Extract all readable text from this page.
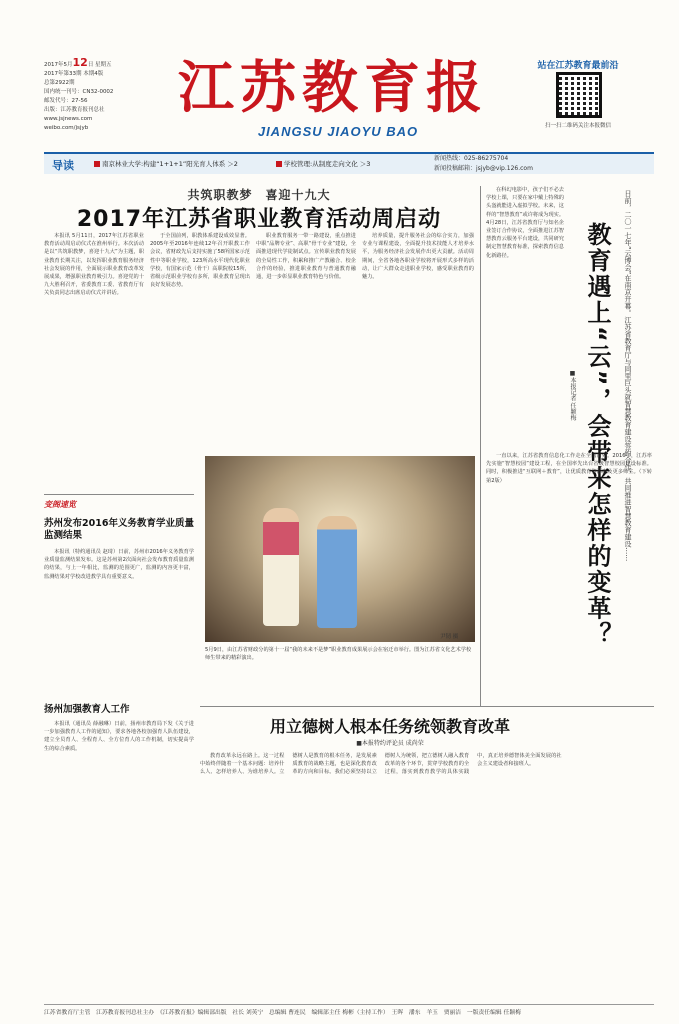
2017年5月12日 星期五
2017年第33期 本期4版
总第2922期
国内统一刊号：CN32-0002
邮发代号：27-56
出版：江苏教育报刊总社
www.jsjnews.com
weibo.com/jsjyb
江苏教育报
JIANGSU JIAOYU BAO
站在江苏教育最前沿
扫一扫二维码关注本报微信
导读	南京林业大学:构建“1+1+1”阳光育人体系 ＞2	学校管理:从制度走向文化 ＞3
新闻热线：025-86275704
新闻投稿邮箱：jsjyb@vip.126.com
共筑职教梦　喜迎十九大
2017年江苏省职业教育活动周启动

本报讯 5月11日，2017年江苏省职业教育活动周启动仪式在淮州举行。本次活动是以“共筑职教梦，喜迎十九大”为主题，职业教育长期关注，以发挥职业教育服务经济社会发展的作用，全面展示职业教育改革发展成果，增强职业教育吸引力。喜迎党的十九大胜利召开，省委教育工委、省教育厅有关负责同志出席启动仪式并讲话。

于全国前列，职教体系建设成效显著。2005年至2016年连续12年召开职教工作会议，省财政先后支持实施了58所国家示范性中等职业学校，123所高水平现代化职业学校，有国家示范（骨干）高职院校15所，省级示范职业学校有多所，职业教育呈现出良好发展态势。

职业教育服务一带一路建设，重点推进中职“品牌专业”、高职“骨干专业”建设，全面推进现代学徒制试点。宣传职业教育发展的全局性工作，积累和推广产教融合、校企合作的经验，推进职业教育与普通教育融通，进一步彰显职业教育特色与价值。

培养质量，提升服务社会的综合实力，加强专业与课程建设，全面提升技术技能人才培养水平，为服务经济社会发展作出更大贡献。活动周期间，全省各地各职业学校将开展形式多样的活动，让广大群众走进职业学校，感受职业教育的魅力。

尹韧 摄
5月9日，由江苏省财政分的第十一届“我的未来不是梦”职业教育成果展示会在宿迁市举行。图为江苏省文化艺术学校师生带来的精彩演出。
变阁速览
苏州发布2016年义务教育学业质量监测结果

本报讯（特约通讯员 赵琦）日前，苏州市2016年义务教育学业质量监测结果发布。这是苏州第2次面向社会发布教育质量监测的结果，与上一年相比，监测的范围更广，监测的内容更丰富，监测结果对学校改进教学具有重要意义。

扬州加强教育人工作

本报讯（通讯员 薛融琳）日前，扬州市教育局下发《关于进一步加强教育人工作的通知》，要求各地各校加强育人队伍建设，建立全员育人、全程育人、全方位育人的工作机制，切实提高学生的综合素质。

日前，二〇一七年“云博会”在南京开幕。江苏省教育厅与同里巨头就智慧教育建设签约合作，共同推进智慧教育建设……
教育遇上“云”，会带来怎样的变革？
■本报记者 任颖梅

在科幻电影中，孩子们不必去学校上课，只要在家中戴上特殊的头盔就能进入虚拟学校。未来，这样的“智慧教育”或许将成为现实。4月28日，江苏省教育厅与知名企业签订合作协议，全面推进江苏智慧教育云服务平台建设，共同研究制定智慧教育标准，探索教育信息化新路径。

一直以来，江苏省教育信息化工作走在全国前列。2016年，江苏率先实施“智慧校园”建设工程，在全国率先出台省级智慧校园建设标准。同时，积极推进“互联网＋教育”，让优质教育资源惠及更多师生。（下转第2版）

用立德树人根本任务统领教育改革
■本报特约评论员 成尚荣

教育改革永远在路上。这一过程中始终伴随着一个基本问题：培养什么人、怎样培养人、为谁培养人。立德树人是教育的根本任务，是发展素质教育的战略主题，也是深化教育改革的方向和目标。我们必须坚持以立德树人为统领，把立德树人融入教育改革的各个环节，贯穿学校教育的全过程，落实到教育教学的具体实践中，真正培养德智体美全面发展的社会主义建设者和接班人。

江苏省教育厅主管　江苏教育报刊总社主办　《江苏教育报》编辑部出版　社长 刘英宁　总编辑 曹连民　编辑部主任 梅彬（主持工作）　王晖　潘东　羊玉　贾丽洁　一版责任编辑 任颖梅
